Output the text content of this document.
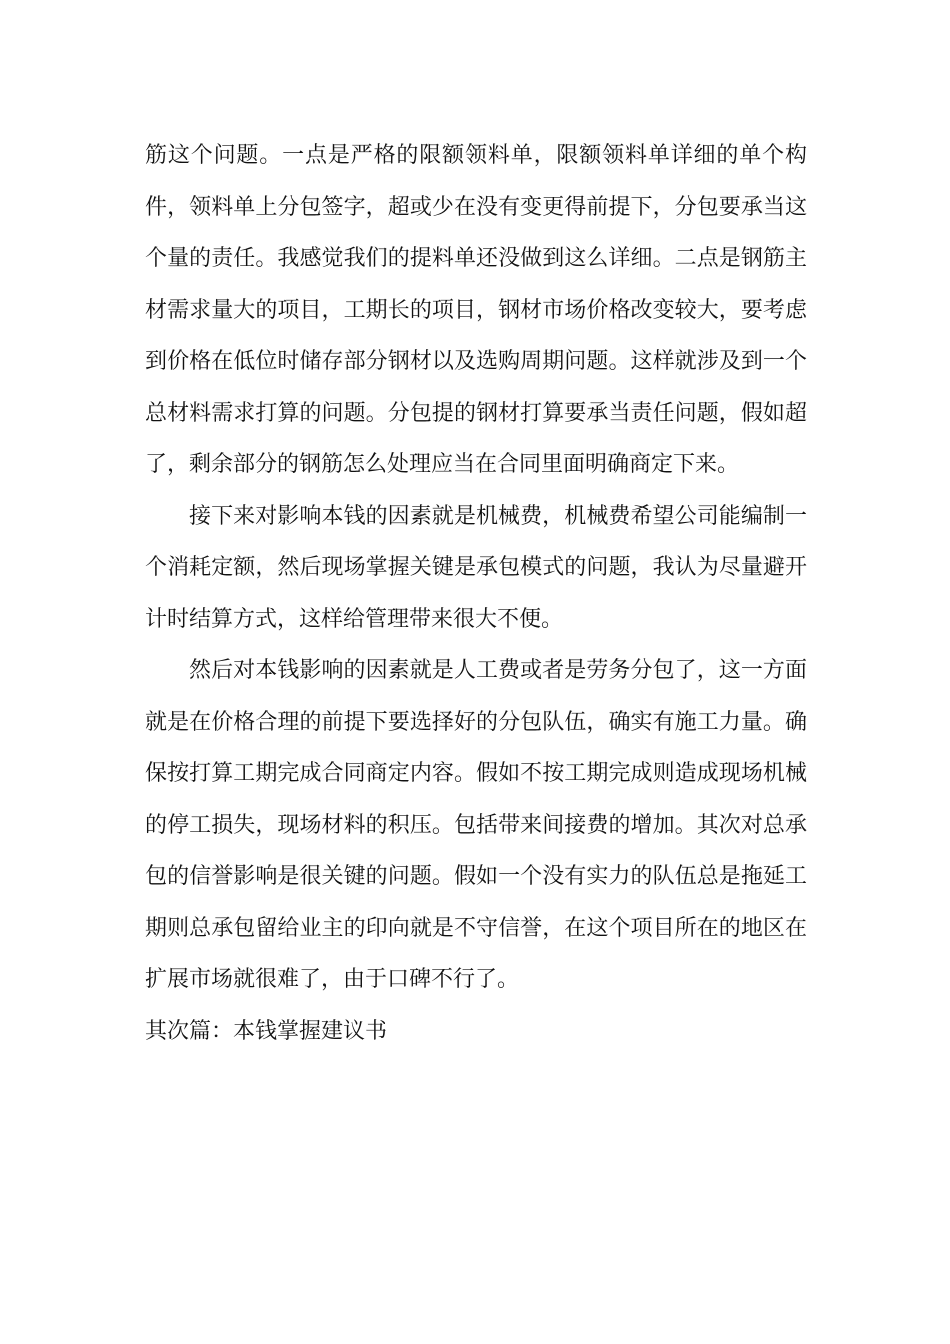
筋这个问题。一点是严格的限额领料单，限额领料单详细的单个构件，领料单上分包签字，超或少在没有变更得前提下，分包要承当这个量的责任。我感觉我们的提料单还没做到这么详细。二点是钢筋主材需求量大的项目，工期长的项目，钢材市场价格改变较大，要考虑到价格在低位时储存部分钢材以及选购周期问题。这样就涉及到一个总材料需求打算的问题。分包提的钢材打算要承当责任问题，假如超了，剩余部分的钢筋怎么处理应当在合同里面明确商定下来。

接下来对影响本钱的因素就是机械费，机械费希望公司能编制一个消耗定额，然后现场掌握关键是承包模式的问题，我认为尽量避开计时结算方式，这样给管理带来很大不便。

然后对本钱影响的因素就是人工费或者是劳务分包了，这一方面就是在价格合理的前提下要选择好的分包队伍，确实有施工力量。确保按打算工期完成合同商定内容。假如不按工期完成则造成现场机械的停工损失，现场材料的积压。包括带来间接费的增加。其次对总承包的信誉影响是很关键的问题。假如一个没有实力的队伍总是拖延工期则总承包留给业主的印向就是不守信誉，在这个项目所在的地区在扩展市场就很难了，由于口碑不行了。

其次篇：本钱掌握建议书
